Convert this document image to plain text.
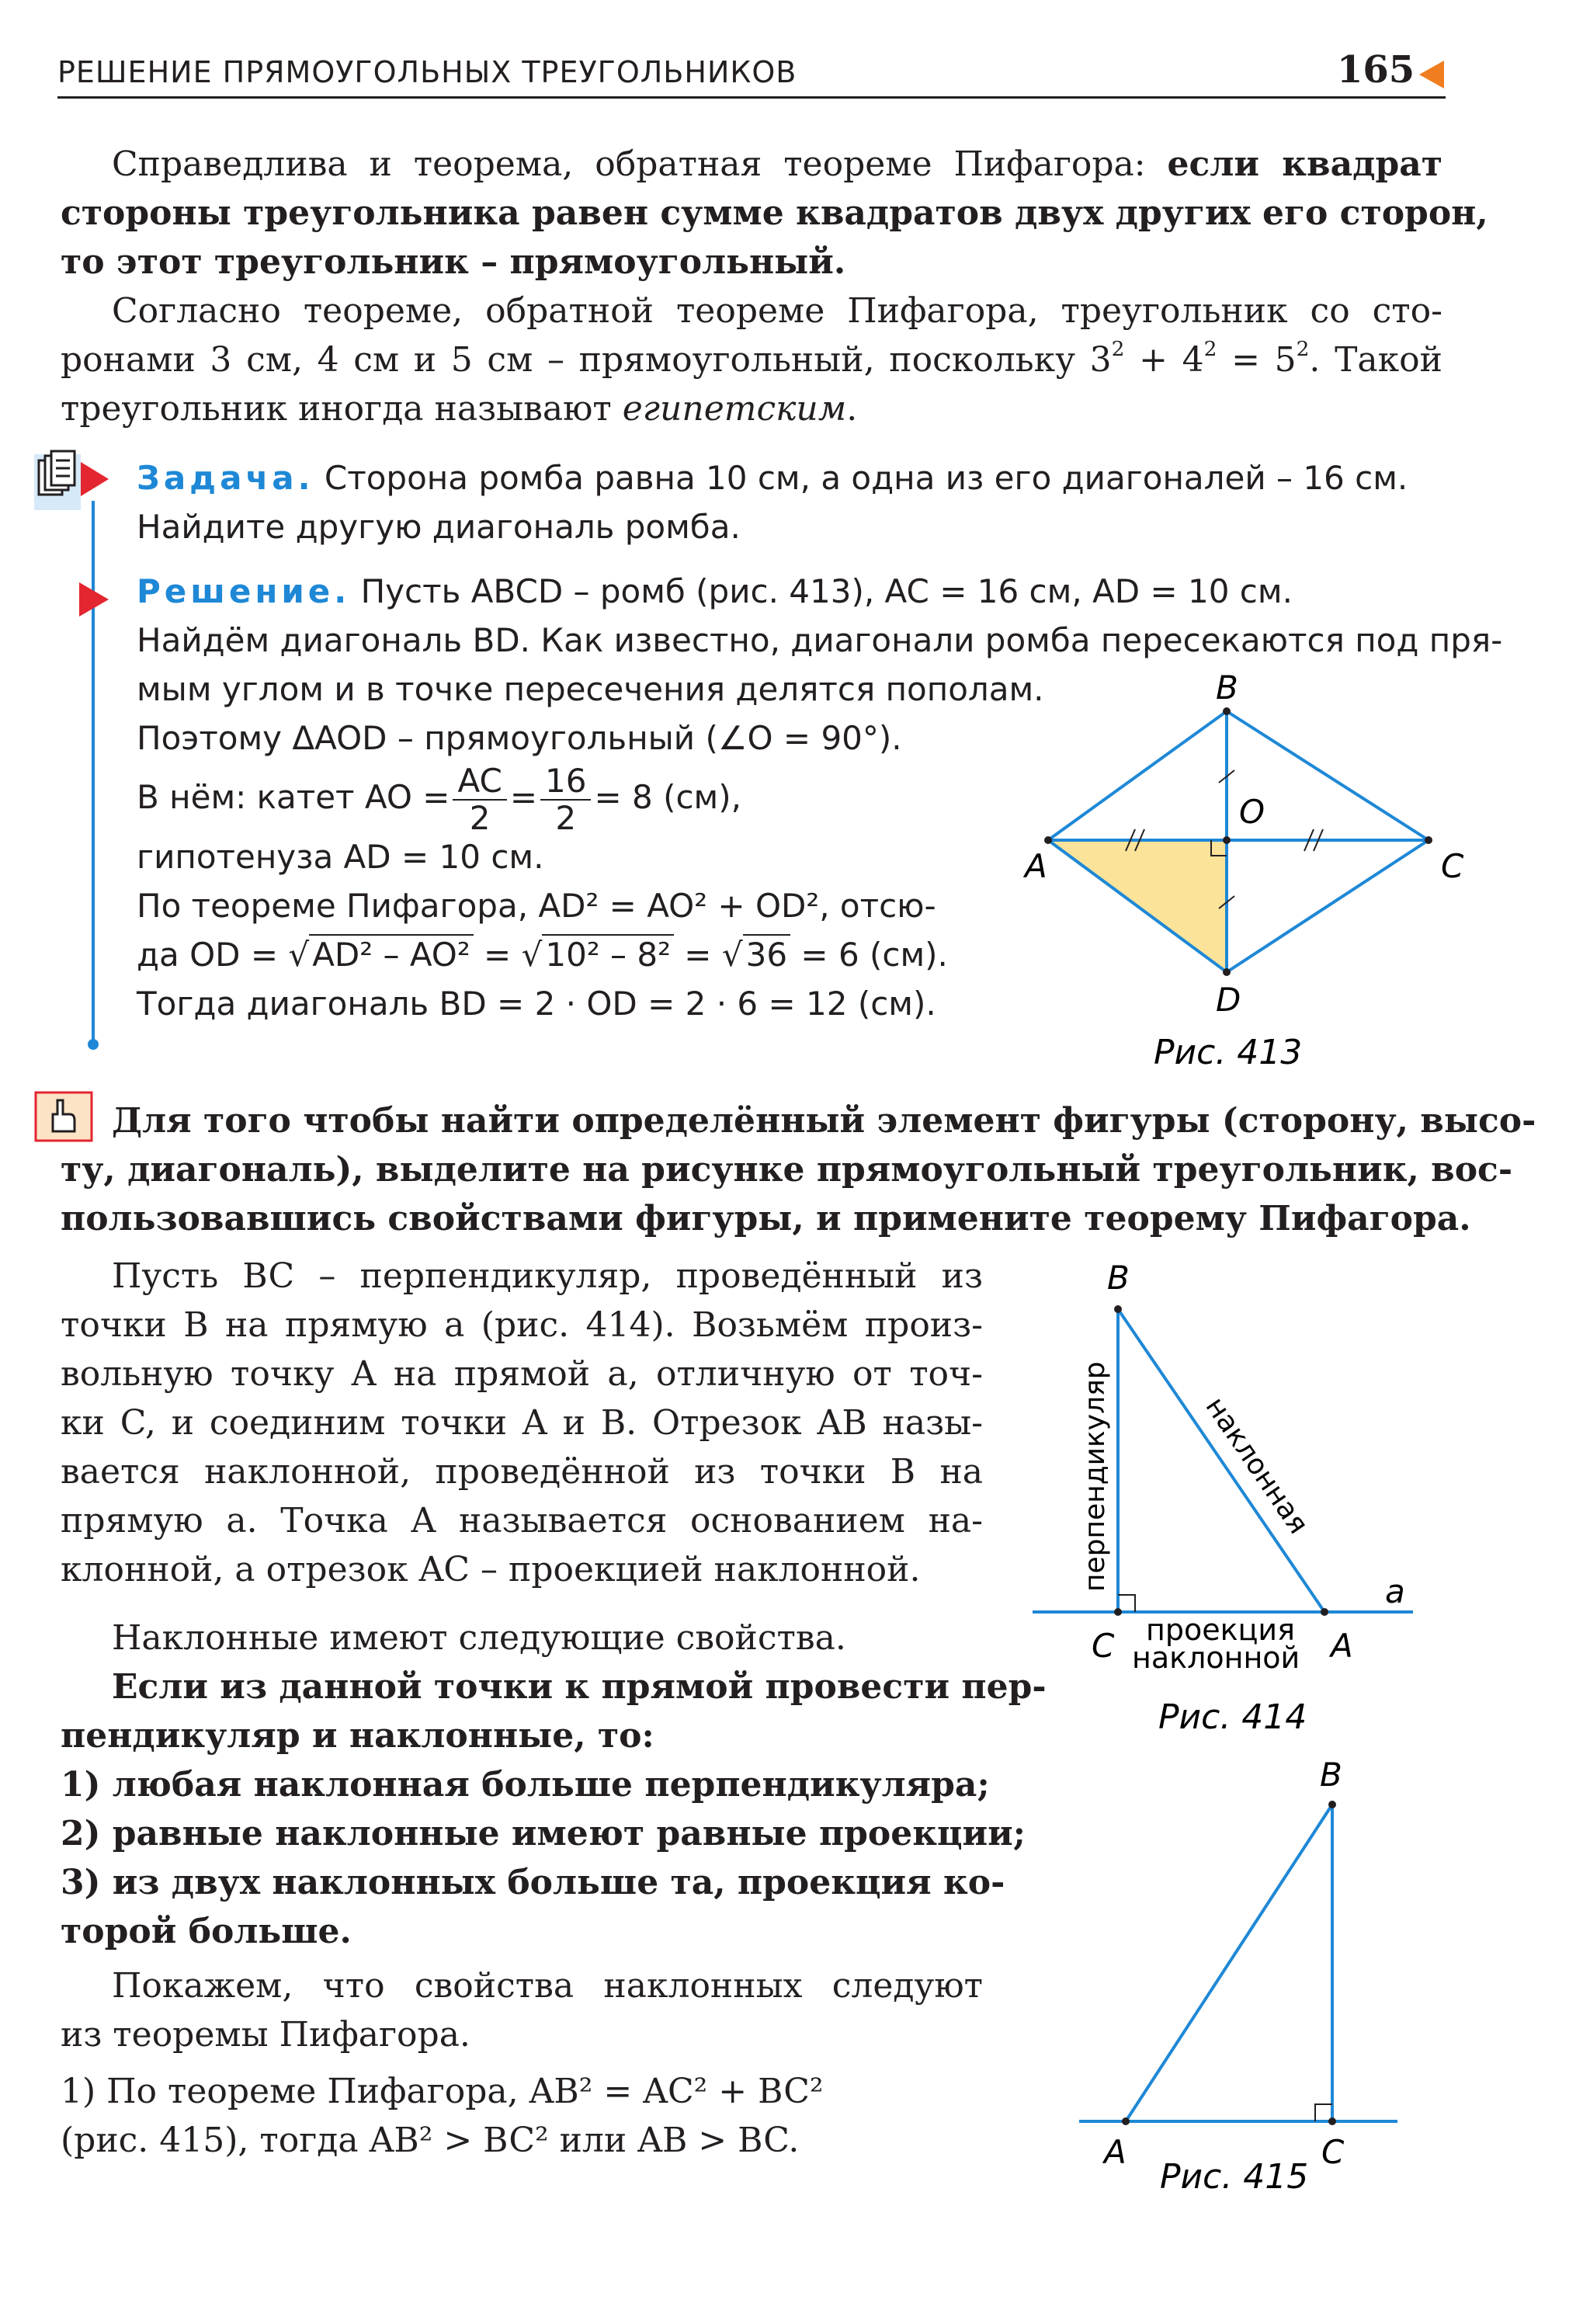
РЕШЕНИЕ ПРЯМОУГОЛЬНЫХ ТРЕУГОЛЬНИКОВ	165
Справедлива и теорема, обратная теореме Пифагора: если квадрат
стороны треугольника равен сумме квадратов двух других его сторон,
то этот треугольник – прямоугольный.
Согласно теореме, обратной теореме Пифагора, треугольник со сто-
ронами 3 см, 4 см и 5 см – прямоугольный, поскольку $3^2 + 4^2 = 5^2$. Такой
треугольник иногда называют египетским.
Задача. Сторона ромба равна 10 см, а одна из его диагоналей – 16 см.
Найдите другую диагональ ромба.
Решение. Пусть ABCD – ромб (рис. 413), AC = 16 см, AD = 10 см.
Найдём диагональ BD. Как известно, диагонали ромба пересекаются под пря-
мым углом и в точке пересечения делятся пополам.
Поэтому ΔAOD – прямоугольный (∠O = 90°).
В нём: катет AO = $\frac{AC}{2} = \frac{16}{2} = 8$ (см),
гипотенуза AD = 10 см.
По теореме Пифагора, AD² = AO² + OD², отсю-
да OD = √AD² – AO² = √10² – 8² = √36 = 6 (см).
Тогда диагональ BD = 2 · OD = 2 · 6 = 12 (см).
B
A
O
C
D
Рис. 413
Для того чтобы найти определённый элемент фигуры (сторону, высо-
ту, диагональ), выделите на рисунке прямоугольный треугольник, вос-
пользовавшись свойствами фигуры, и примените теорему Пифагора.
Пусть BC – перпендикуляр, проведённый из
точки B на прямую a (рис. 414). Возьмём произ-
вольную точку A на прямой a, отличную от точ-
ки C, и соединим точки A и B. Отрезок AB назы-
вается наклонной, проведённой из точки B на
прямую a. Точка A называется основанием на-
клонной, а отрезок AC – проекцией наклонной.
B
C	A
a
перпендикуляр	наклонная
проекция
наклонной
Рис. 414
Наклонные имеют следующие свойства.
Если из данной точки к прямой провести пер-
пендикуляр и наклонные, то:
1) любая наклонная больше перпендикуляра;
2) равные наклонные имеют равные проекции;
3) из двух наклонных больше та, проекция ко-
торой больше.
Покажем, что свойства наклонных следуют
из теоремы Пифагора.
1) По теореме Пифагора, AB² = AC² + BC²
(рис. 415), тогда AB² > BC² или AB > BC.
B
A	C
Рис. 415
